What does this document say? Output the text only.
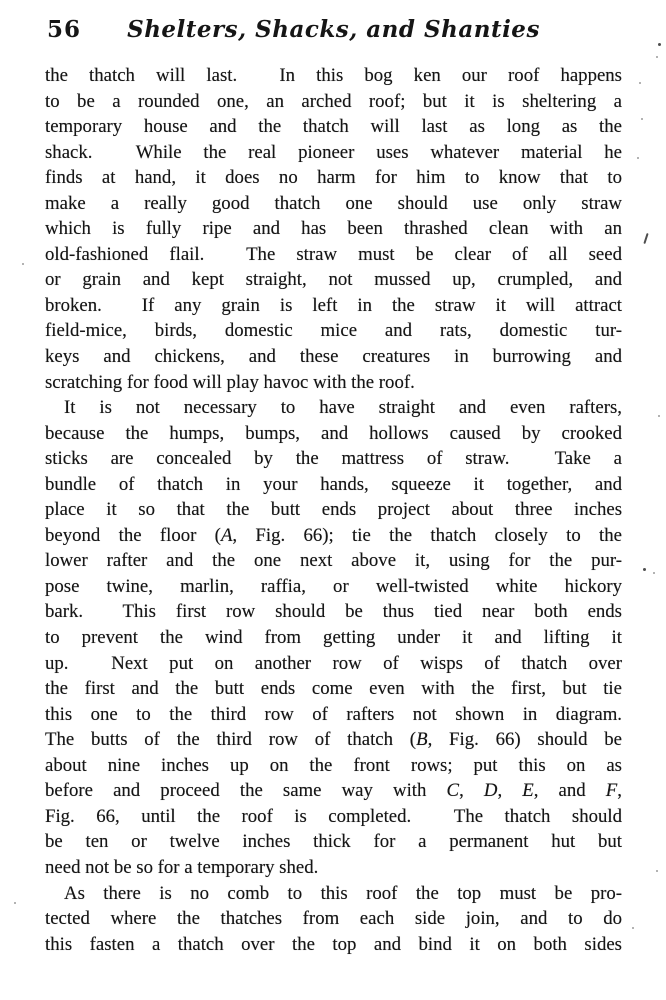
56	Shelters, Shacks, and Shanties
the thatch will last.  In this bog ken our roof happens
to be a rounded one, an arched roof; but it is sheltering a
temporary house and the thatch will last as long as the
shack.  While the real pioneer uses whatever material he
finds at hand, it does no harm for him to know that to
make a really good thatch one should use only straw
which is fully ripe and has been thrashed clean with an
old-fashioned flail.  The straw must be clear of all seed
or grain and kept straight, not mussed up, crumpled, and
broken.  If any grain is left in the straw it will attract
field-mice, birds, domestic mice and rats, domestic tur-
keys and chickens, and these creatures in burrowing and
scratching for food will play havoc with the roof.
It is not necessary to have straight and even rafters,
because the humps, bumps, and hollows caused by crooked
sticks are concealed by the mattress of straw.  Take a
bundle of thatch in your hands, squeeze it together, and
place it so that the butt ends project about three inches
beyond the floor (A, Fig. 66); tie the thatch closely to the
lower rafter and the one next above it, using for the pur-
pose twine, marlin, raffia, or well-twisted white hickory
bark.  This first row should be thus tied near both ends
to prevent the wind from getting under it and lifting it
up.  Next put on another row of wisps of thatch over
the first and the butt ends come even with the first, but tie
this one to the third row of rafters not shown in diagram.
The butts of the third row of thatch (B, Fig. 66) should be
about nine inches up on the front rows; put this on as
before and proceed the same way with C, D, E, and F,
Fig. 66, until the roof is completed.  The thatch should
be ten or twelve inches thick for a permanent hut but
need not be so for a temporary shed.
As there is no comb to this roof the top must be pro-
tected where the thatches from each side join, and to do
this fasten a thatch over the top and bind it on both sides
